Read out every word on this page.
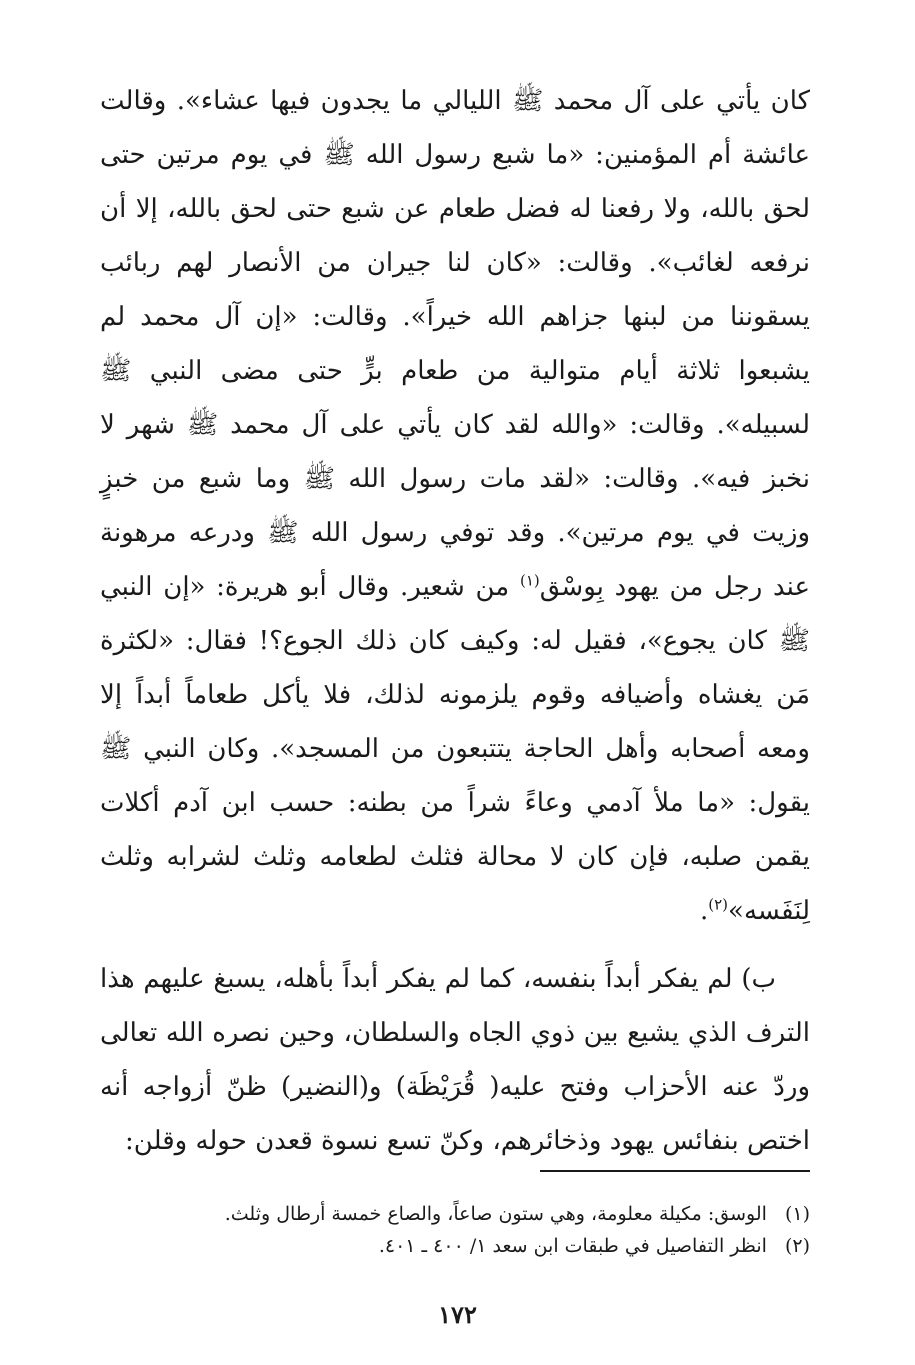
كان يأتي على آل محمد ﷺ الليالي ما يجدون فيها عشاء». وقالت عائشة أم المؤمنين: «ما شبع رسول الله ﷺ في يوم مرتين حتى لحق بالله، ولا رفعنا له فضل طعام عن شبع حتى لحق بالله، إلا أن نرفعه لغائب». وقالت: «كان لنا جيران من الأنصار لهم ربائب يسقوننا من لبنها جزاهم الله خيراً». وقالت: «إن آل محمد لم يشبعوا ثلاثة أيام متوالية من طعام برٍّ حتى مضى النبي ﷺ لسبيله». وقالت: «والله لقد كان يأتي على آل محمد ﷺ شهر لا نخبز فيه». وقالت: «لقد مات رسول الله ﷺ وما شبع من خبزٍ وزيت في يوم مرتين». وقد توفي رسول الله ﷺ ودرعه مرهونة عند رجل من يهود بِوسْق$^{(١)}$ من شعير. وقال أبو هريرة: «إن النبي ﷺ كان يجوع»، فقيل له: وكيف كان ذلك الجوع؟! فقال: «لكثرة مَن يغشاه وأضيافه وقوم يلزمونه لذلك، فلا يأكل طعاماً أبداً إلا ومعه أصحابه وأهل الحاجة يتتبعون من المسجد». وكان النبي ﷺ يقول: «ما ملأ آدمي وعاءً شراً من بطنه: حسب ابن آدم أكلات يقمن صلبه، فإن كان لا محالة فثلث لطعامه وثلث لشرابه وثلث لِنَفَسه»$^{(٢)}$.

ب) لم يفكر أبداً بنفسه، كما لم يفكر أبداً بأهله، يسبغ عليهم هذا الترف الذي يشيع بين ذوي الجاه والسلطان، وحين نصره الله تعالى وردّ عنه الأحزاب وفتح عليه( قُرَيْظَة) و(النضير) ظنّ أزواجه أنه اختص بنفائس يهود وذخائرهم، وكنّ تسع نسوة قعدن حوله وقلن:

(١)
الوسق: مكيلة معلومة، وهي ستون صاعاً، والصاع خمسة أرطال وثلث.
(٢)
انظر التفاصيل في طبقات ابن سعد ١/ ٤٠٠ ـ ٤٠١.
١٧٢
